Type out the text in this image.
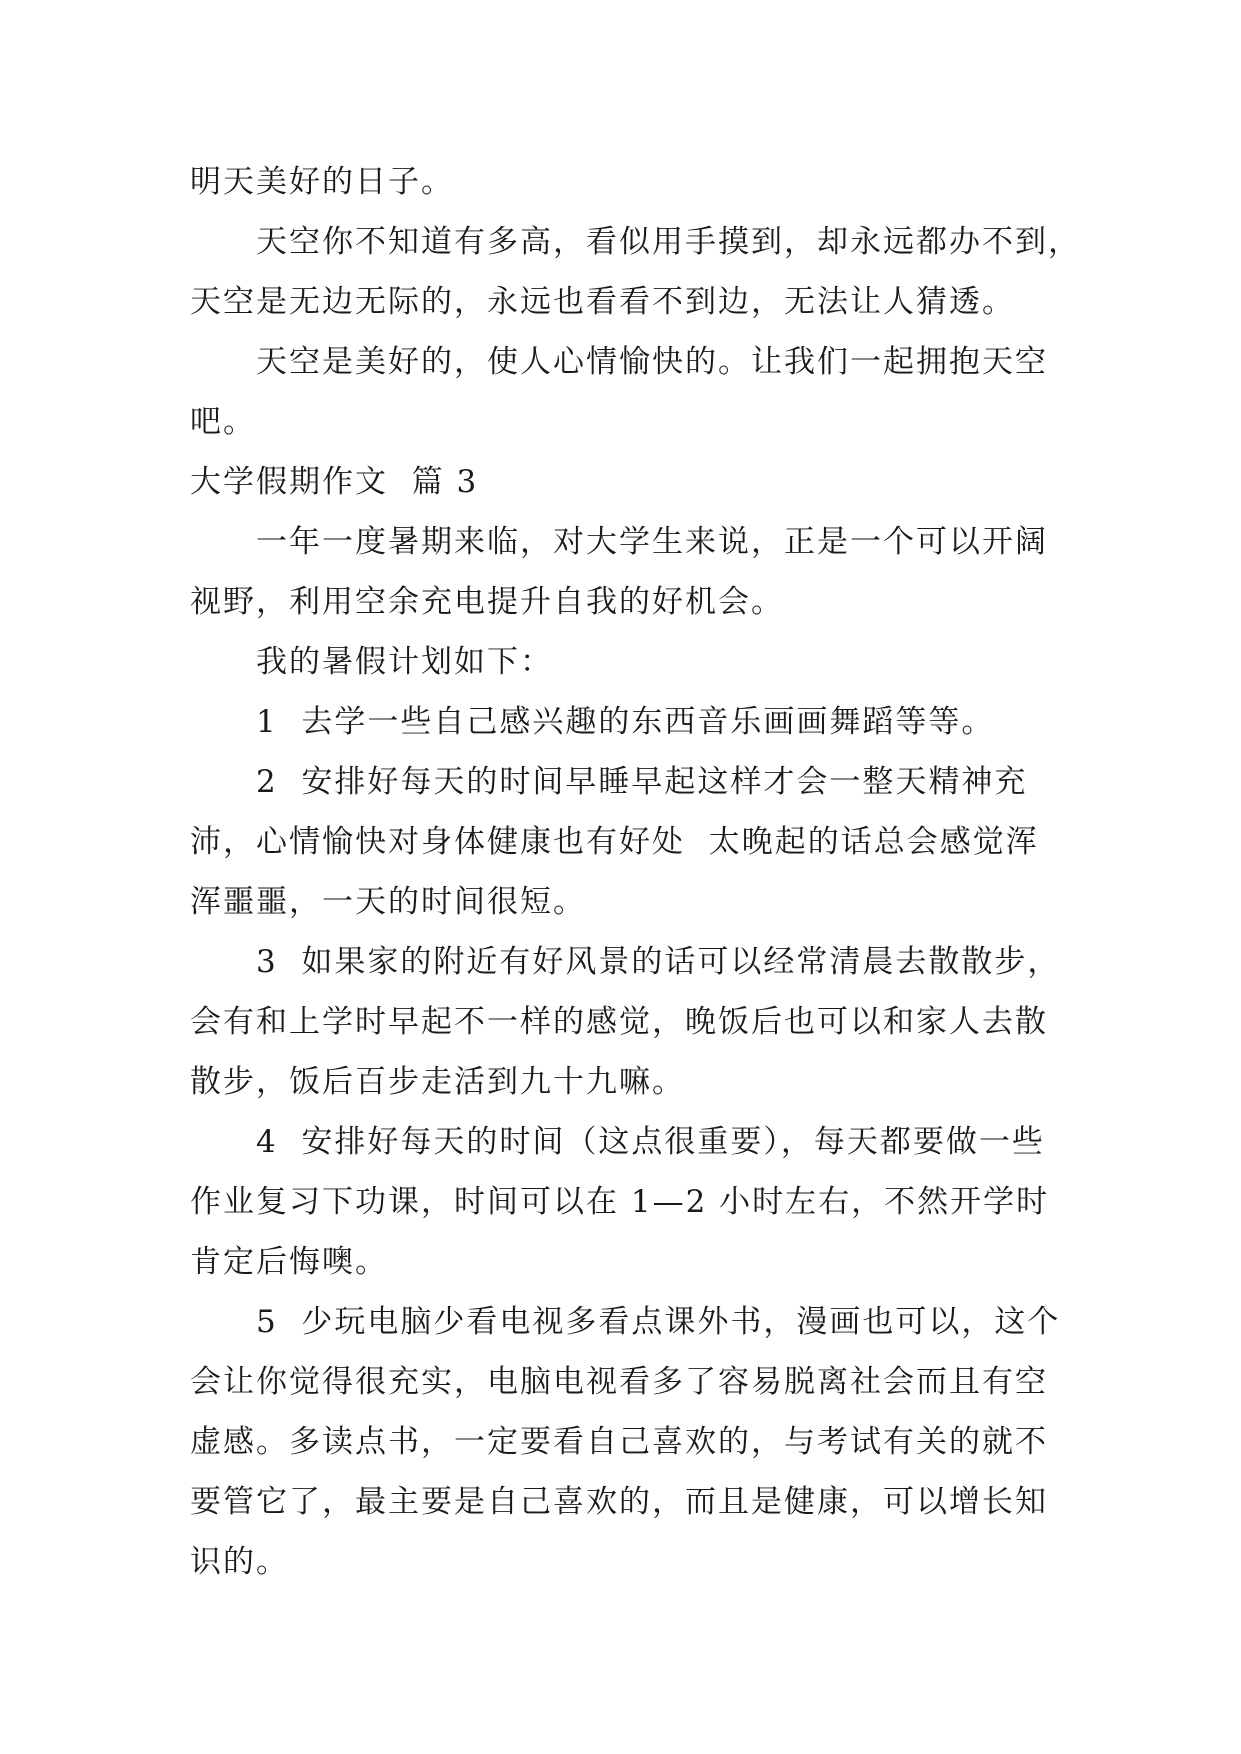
明天美好的日子。
天空你不知道有多高，看似用手摸到，却永远都办不到，
天空是无边无际的，永远也看看不到边，无法让人猜透。
天空是美好的，使人心情愉快的。让我们一起拥抱天空
吧。
大学假期作文  篇 3
一年一度暑期来临，对大学生来说，正是一个可以开阔
视野，利用空余充电提升自我的好机会。
我的暑假计划如下：
1  去学一些自己感兴趣的东西音乐画画舞蹈等等。
2  安排好每天的时间早睡早起这样才会一整天精神充
沛，心情愉快对身体健康也有好处  太晚起的话总会感觉浑
浑噩噩，一天的时间很短。
3  如果家的附近有好风景的话可以经常清晨去散散步，
会有和上学时早起不一样的感觉，晚饭后也可以和家人去散
散步，饭后百步走活到九十九嘛。
4  安排好每天的时间（这点很重要），每天都要做一些
作业复习下功课，时间可以在 1—2 小时左右，不然开学时
肯定后悔噢。
5  少玩电脑少看电视多看点课外书，漫画也可以，这个
会让你觉得很充实，电脑电视看多了容易脱离社会而且有空
虚感。多读点书，一定要看自己喜欢的，与考试有关的就不
要管它了，最主要是自己喜欢的，而且是健康，可以增长知
识的。
